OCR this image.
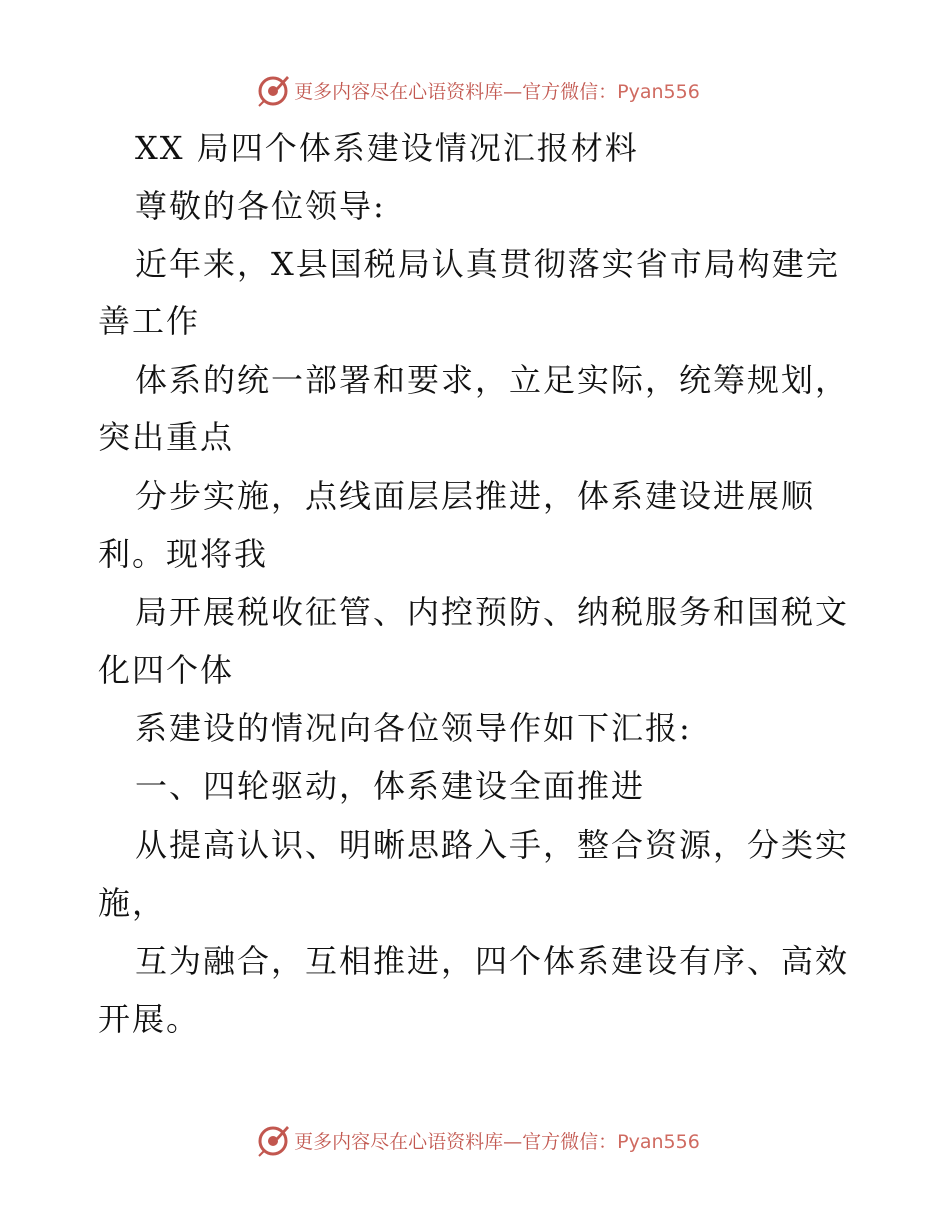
更多内容尽在心语资料库—官方微信：Pyan556
XX 局四个体系建设情况汇报材料
尊敬的各位领导:
近年来，X县国税局认真贯彻落实省市局构建完
善工作
体系的统一部署和要求，立足实际，统筹规划，
突出重点
分步实施，点线面层层推进，体系建设进展顺
利。现将我
局开展税收征管、内控预防、纳税服务和国税文
化四个体
系建设的情况向各位领导作如下汇报:
一、四轮驱动，体系建设全面推进
从提高认识、明晰思路入手，整合资源，分类实
施，
互为融合，互相推进，四个体系建设有序、高效
开展。
更多内容尽在心语资料库—官方微信：Pyan556
